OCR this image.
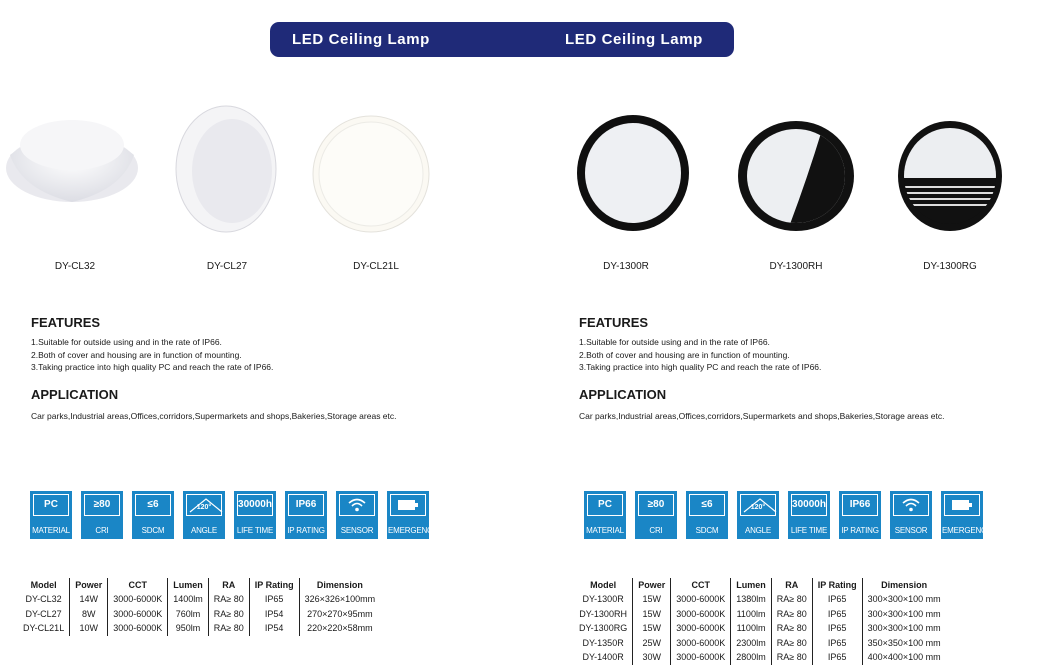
LED Ceiling Lamp	LED Ceiling Lamp
DY-CL32	DY-CL27	DY-CL21L	DY-1300R	DY-1300RH	DY-1300RG
FEATURES
1.Suitable for outside using and in the rate of IP66.
2.Both of cover and housing are in function of mounting.
3.Taking practice into high quality PC and reach the rate of IP66.
APPLICATION
Car parks,Industrial areas,Offices,corridors,Supermarkets and shops,Bakeries,Storage areas etc.
FEATURES
1.Suitable for outside using and in the rate of IP66.
2.Both of cover and housing are in function of mounting.
3.Taking practice into high quality PC and reach the rate of IP66.
APPLICATION
Car parks,Industrial areas,Offices,corridors,Supermarkets and shops,Bakeries,Storage areas etc.
PC
MATERIAL
≥80
CRI
≤6
SDCM
120°
ANGLE
30000h
LIFE TIME
IP66
IP RATING	SENSOR	EMERGENCY
PC
MATERIAL
≥80
CRI
≤6
SDCM
120°
ANGLE
30000h
LIFE TIME
IP66
IP RATING	SENSOR	EMERGENCY
Model	Power	CCT	Lumen	RA	IP Rating	Dimension
DY-CL32	14W	3000-6000K	1400lm	RA≥ 80	IP65	326×326×100mm
DY-CL27	8W	3000-6000K	760lm	RA≥ 80	IP54	270×270×95mm
DY-CL21L	10W	3000-6000K	950lm	RA≥ 80	IP54	220×220×58mm
Model	Power	CCT	Lumen	RA	IP Rating	Dimension
DY-1300R	15W	3000-6000K	1380lm	RA≥ 80	IP65	300×300×100 mm
DY-1300RH	15W	3000-6000K	1100lm	RA≥ 80	IP65	300×300×100 mm
DY-1300RG	15W	3000-6000K	1100lm	RA≥ 80	IP65	300×300×100 mm
DY-1350R	25W	3000-6000K	2300lm	RA≥ 80	IP65	350×350×100 mm
DY-1400R	30W	3000-6000K	2800lm	RA≥ 80	IP65	400×400×100 mm
